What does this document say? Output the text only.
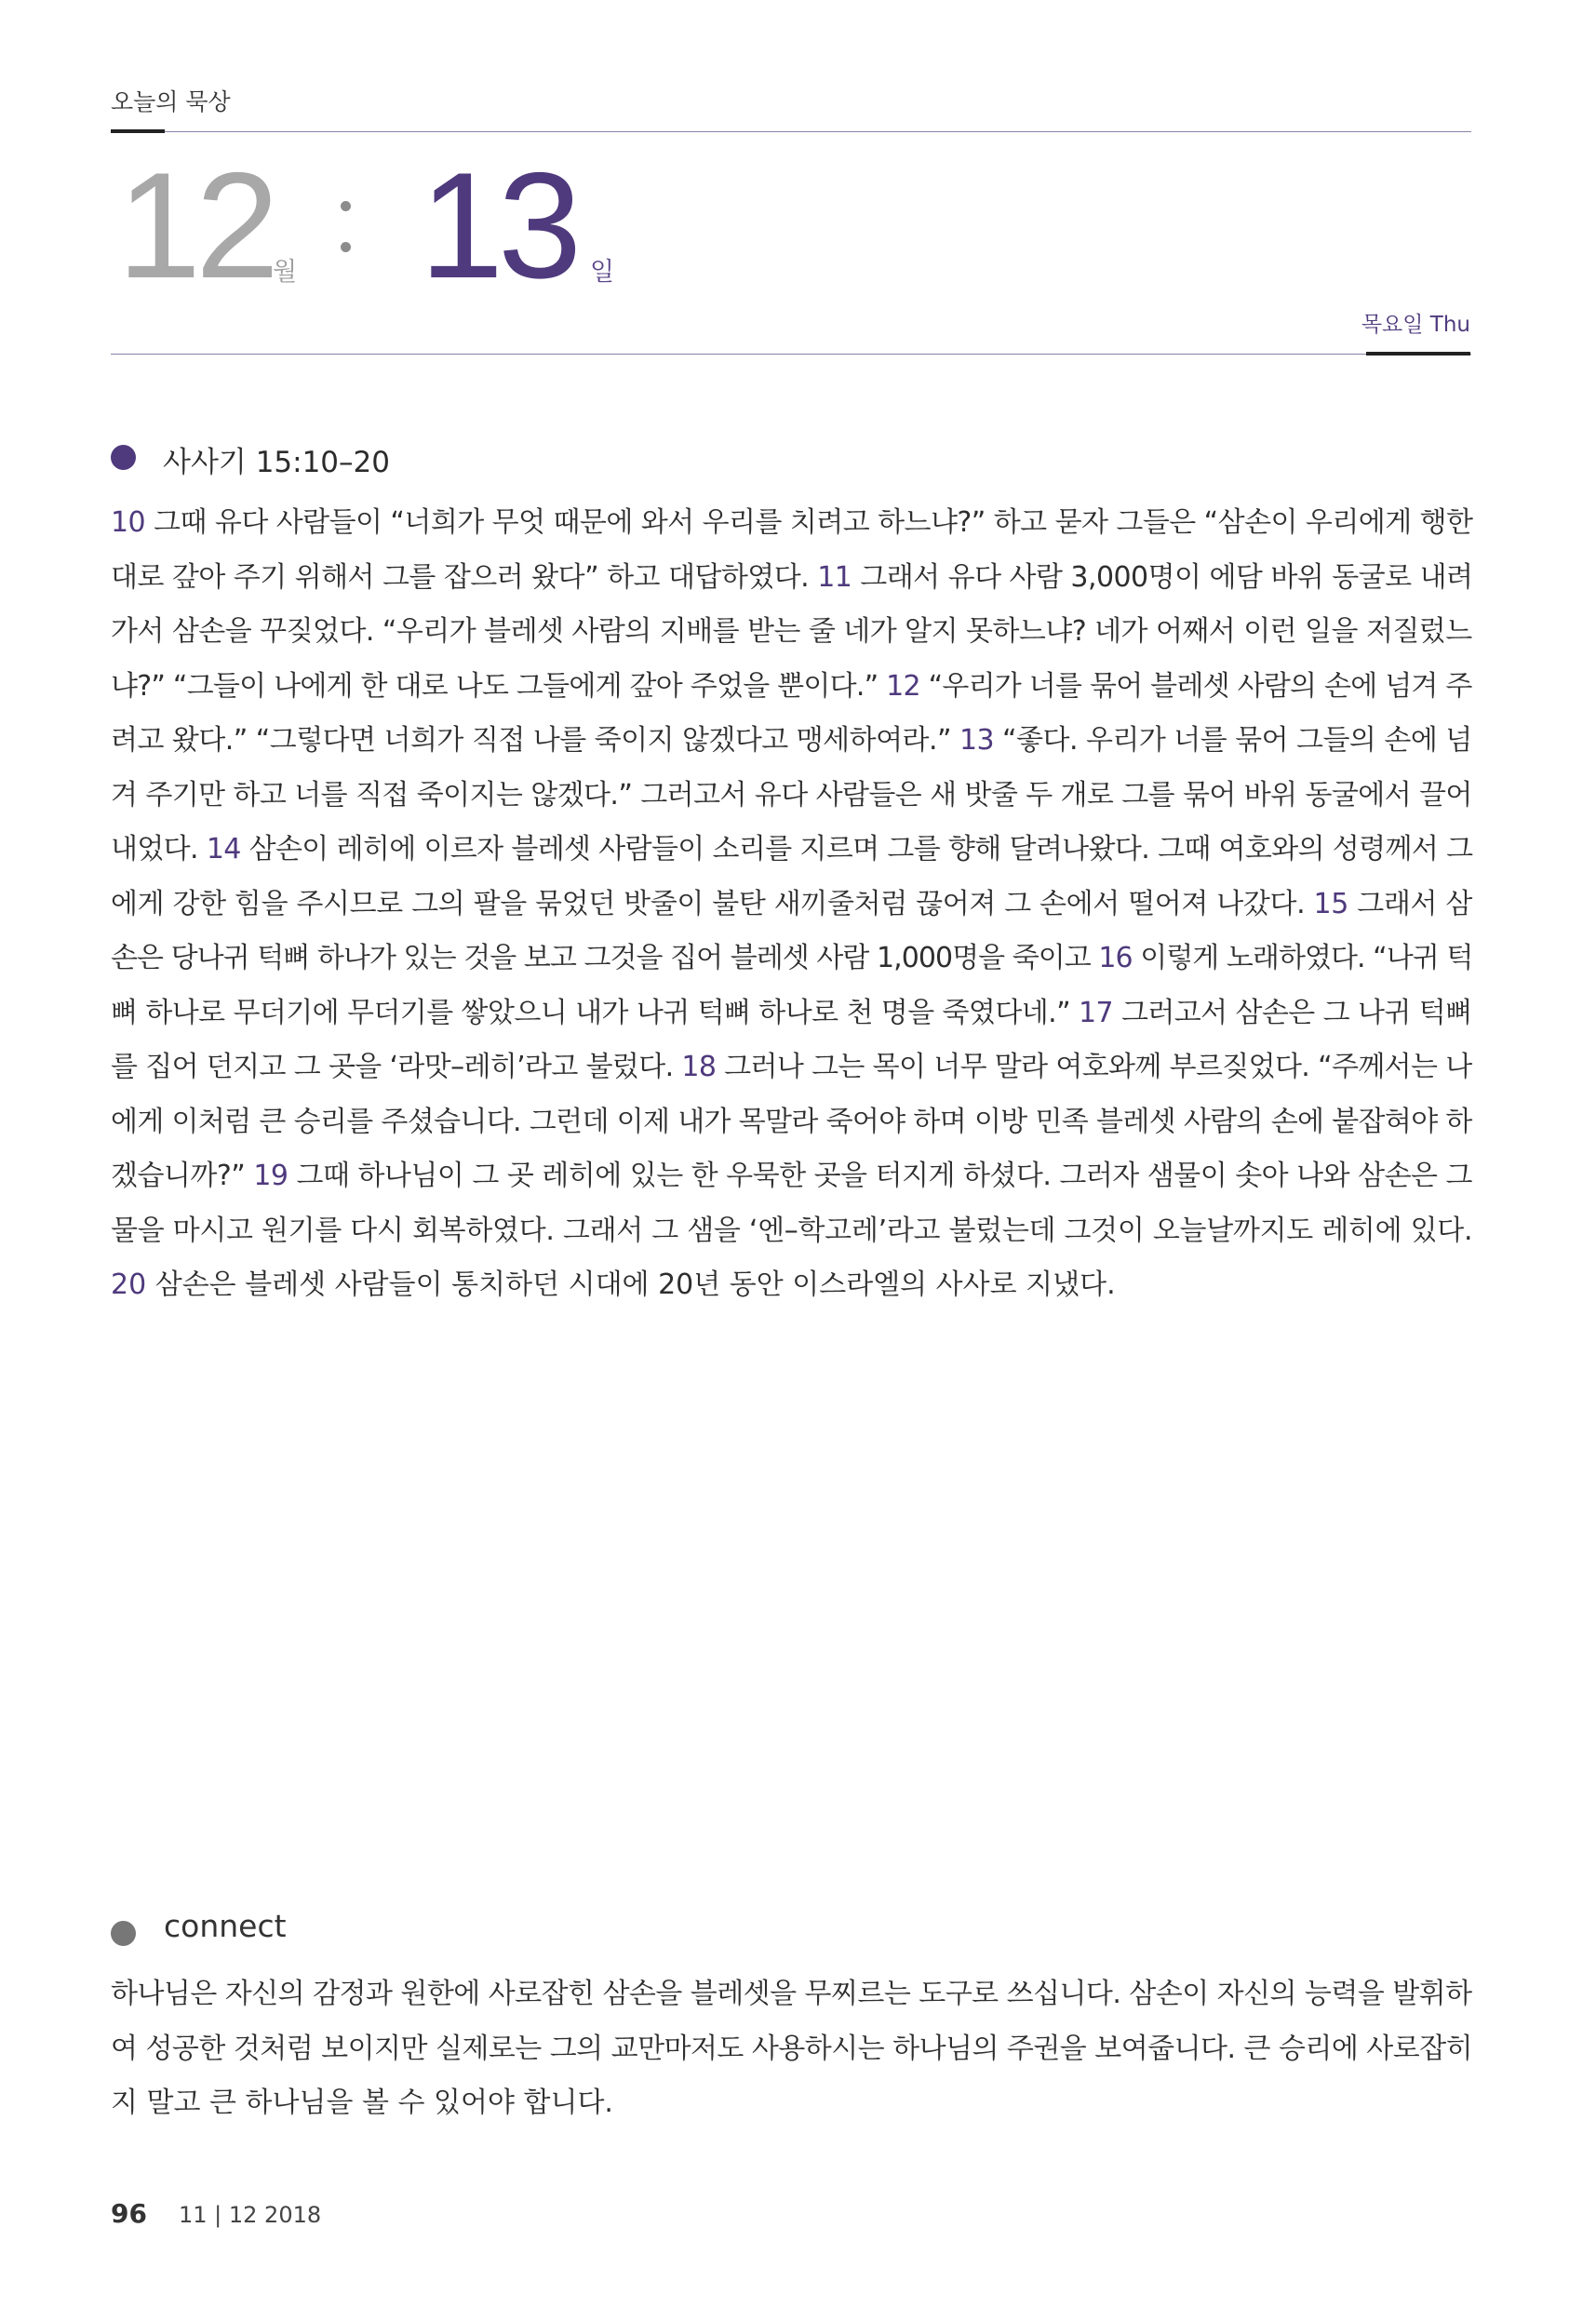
오늘의 묵상
12
월 13 일
목요일 Thu
사사기 15:10–20
10 그때 유다 사람들이 “너희가 무엇 때문에 와서 우리를 치려고 하느냐?” 하고 묻자 그들은 “삼손이 우리에게 행한
대로 갚아 주기 위해서 그를 잡으러 왔다” 하고 대답하였다. 11 그래서 유다 사람 3,000명이 에담 바위 동굴로 내려
가서 삼손을 꾸짖었다. “우리가 블레셋 사람의 지배를 받는 줄 네가 알지 못하느냐? 네가 어째서 이런 일을 저질렀느
냐?” “그들이 나에게 한 대로 나도 그들에게 갚아 주었을 뿐이다.” 12 “우리가 너를 묶어 블레셋 사람의 손에 넘겨 주
려고 왔다.” “그렇다면 너희가 직접 나를 죽이지 않겠다고 맹세하여라.” 13 “좋다. 우리가 너를 묶어 그들의 손에 넘
겨 주기만 하고 너를 직접 죽이지는 않겠다.” 그러고서 유다 사람들은 새 밧줄 두 개로 그를 묶어 바위 동굴에서 끌어
내었다. 14 삼손이 레히에 이르자 블레셋 사람들이 소리를 지르며 그를 향해 달려나왔다. 그때 여호와의 성령께서 그
에게 강한 힘을 주시므로 그의 팔을 묶었던 밧줄이 불탄 새끼줄처럼 끊어져 그 손에서 떨어져 나갔다. 15 그래서 삼
손은 당나귀 턱뼈 하나가 있는 것을 보고 그것을 집어 블레셋 사람 1,000명을 죽이고 16 이렇게 노래하였다. “나귀 턱
뼈 하나로 무더기에 무더기를 쌓았으니 내가 나귀 턱뼈 하나로 천 명을 죽였다네.” 17 그러고서 삼손은 그 나귀 턱뼈
를 집어 던지고 그 곳을 ‘라맛–레히’라고 불렀다. 18 그러나 그는 목이 너무 말라 여호와께 부르짖었다. “주께서는 나
에게 이처럼 큰 승리를 주셨습니다. 그런데 이제 내가 목말라 죽어야 하며 이방 민족 블레셋 사람의 손에 붙잡혀야 하
겠습니까?” 19 그때 하나님이 그 곳 레히에 있는 한 우묵한 곳을 터지게 하셨다. 그러자 샘물이 솟아 나와 삼손은 그
물을 마시고 원기를 다시 회복하였다. 그래서 그 샘을 ‘엔–학고레’라고 불렀는데 그것이 오늘날까지도 레히에 있다.
20 삼손은 블레셋 사람들이 통치하던 시대에 20년 동안 이스라엘의 사사로 지냈다.
connect
하나님은 자신의 감정과 원한에 사로잡힌 삼손을 블레셋을 무찌르는 도구로 쓰십니다. 삼손이 자신의 능력을 발휘하
여 성공한 것처럼 보이지만 실제로는 그의 교만마저도 사용하시는 하나님의 주권을 보여줍니다. 큰 승리에 사로잡히
지 말고 큰 하나님을 볼 수 있어야 합니다.
96 11 | 12 2018
